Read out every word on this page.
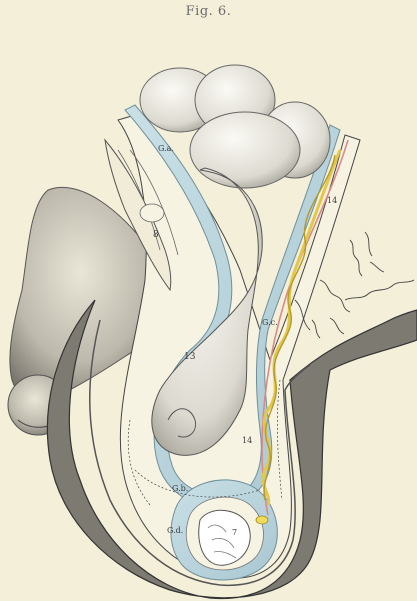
Fig. 6.
G.a.
8
13
14
G.c.
14
G.b.
G.d.	7
